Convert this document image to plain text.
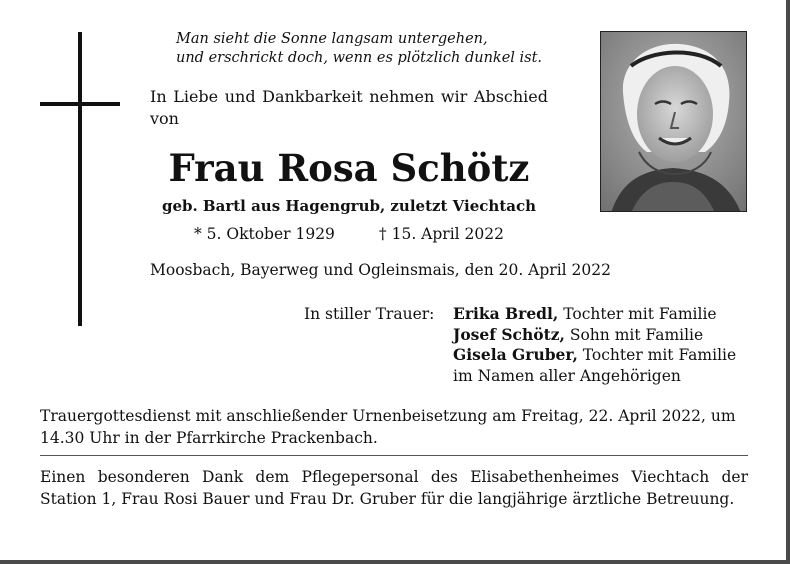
Man sieht die Sonne langsam untergehen,
und erschrickt doch, wenn es plötzlich dunkel ist.
In Liebe und Dankbarkeit nehmen wir Abschied von
Frau Rosa Schötz
geb. Bartl aus Hagengrub, zuletzt Viechtach
* 5. Oktober 1929	† 15. April 2022
Moosbach, Bayerweg und Ogleinsmais, den 20. April 2022
In stiller Trauer: Erika Bredl, Tochter mit Familie
Josef Schötz, Sohn mit Familie
Gisela Gruber, Tochter mit Familie
im Namen aller Angehörigen
Trauergottesdienst mit anschließender Urnenbeisetzung am Freitag, 22. April 2022, um 14.30 Uhr in der Pfarrkirche Prackenbach.
Einen besonderen Dank dem Pflegepersonal des Elisabethenheimes Viechtach der Station 1, Frau Rosi Bauer und Frau Dr. Gruber für die langjährige ärztliche Betreuung.
